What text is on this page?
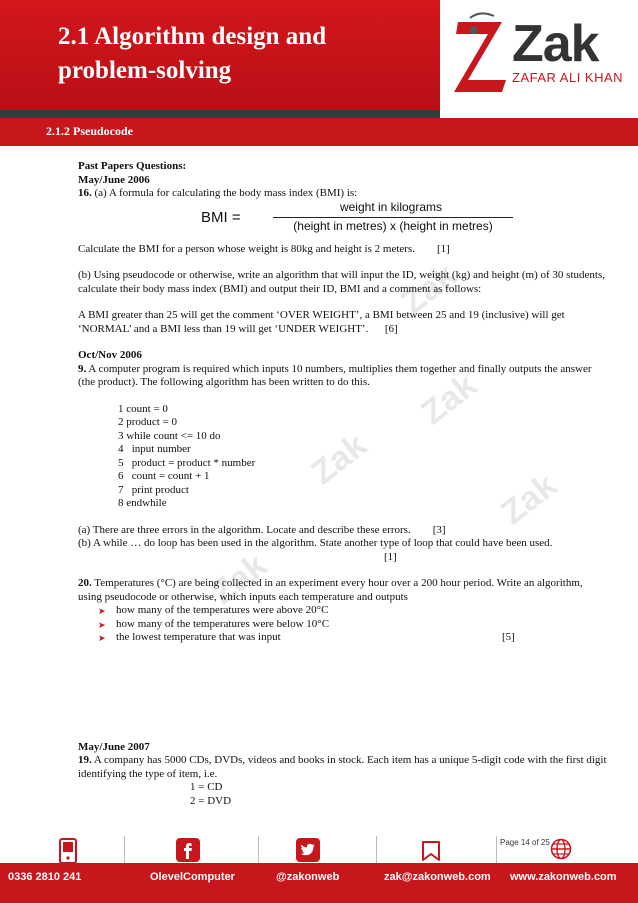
2.1 Algorithm design and
problem-solving	Zak
ZAFAR ALI KHAN
2.1.2 Pseudocode
Zak
Zak
Zak
Zak
Zak

Past Papers Questions:

May/June 2006

16. (a) A formula for calculating the body mass index (BMI) is:

BMI =
weight in kilograms
(height in metres) x (height in metres)

Calculate the BMI for a person whose weight is 80kg and height is 2 meters. [1]

(b) Using pseudocode or otherwise, write an algorithm that will input the ID, weight (kg) and height (m) of 30 students, calculate their body mass index (BMI) and output their ID, BMI and a comment as follows:

A BMI greater than 25 will get the comment ‘OVER WEIGHT’, a BMI between 25 and 19 (inclusive) will get ‘NORMAL’ and a BMI less than 19 will get ‘UNDER WEIGHT’. [6]

Oct/Nov 2006

9. A computer program is required which inputs 10 numbers, multiplies them together and finally outputs the answer (the product). The following algorithm has been written to do this.

1 count = 0

2 product = 0

3 while count <= 10 do

4   input number

5   product = product * number

6   count = count + 1

7   print product

8 endwhile

(a) There are three errors in the algorithm. Locate and describe these errors. [3]

(b) A while … do loop has been used in the algorithm. State another type of loop that could have been used.

[1]

20. Temperatures (°C) are being collected in an experiment every hour over a 200 hour period. Write an algorithm, using pseudocode or otherwise, which inputs each temperature and outputs

➤ how many of the temperatures were above 20°C
➤ how many of the temperatures were below 10°C
➤ the lowest temperature that was input	[5]

May/June 2007

19. A company has 5000 CDs, DVDs, videos and books in stock. Each item has a unique 5-digit code with the first digit identifying the type of item, i.e.

1 = CD

2 = DVD

Page 14 of 25
0336 2810 241	OlevelComputer	@zakonweb	zak@zakonweb.com www.zakonweb.com
